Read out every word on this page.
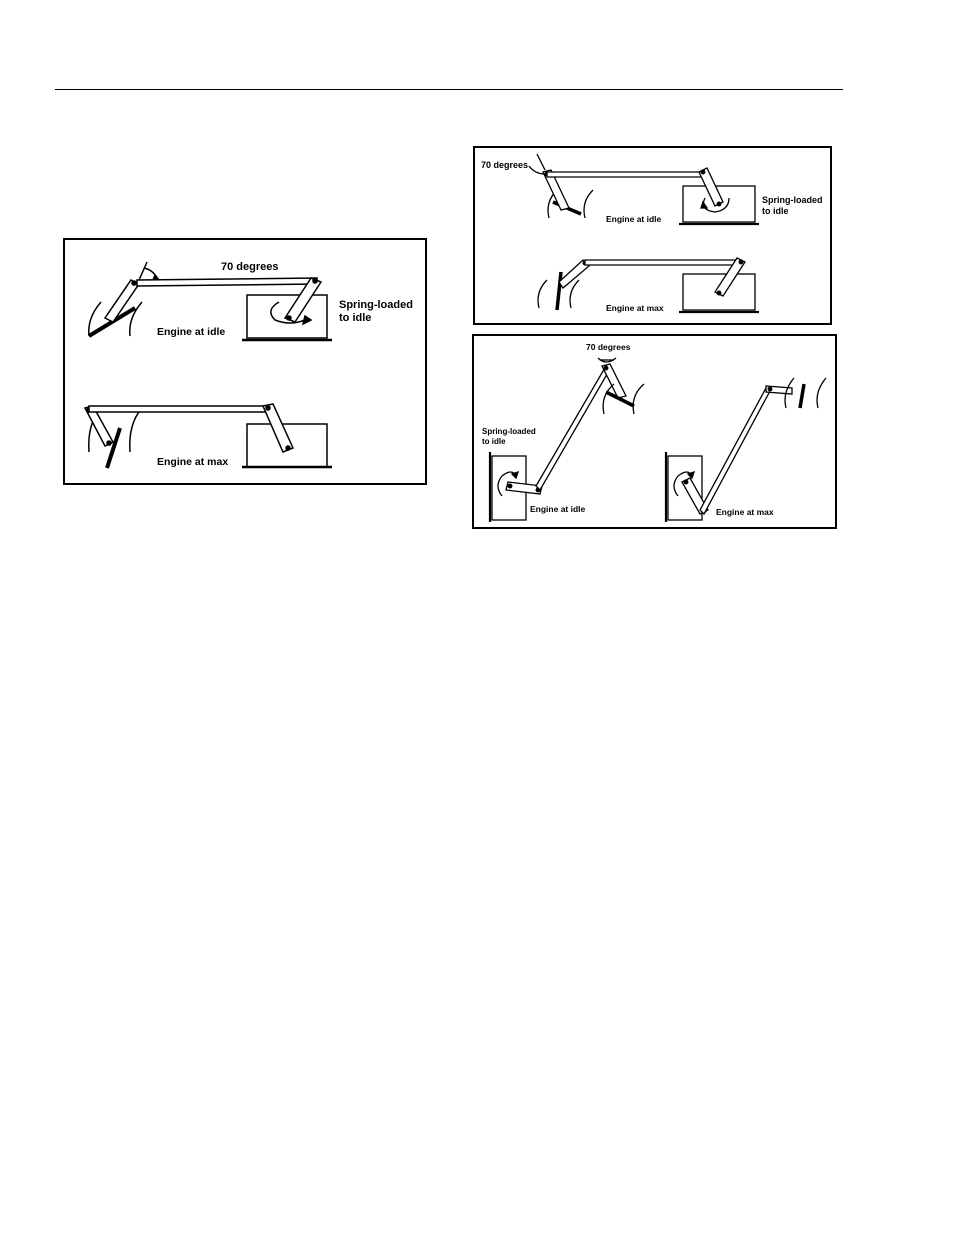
70 degrees
Spring-loaded
to idle
Engine at idle
Engine at max
70 degrees
Spring-loaded
to idle
Engine at idle
Engine at max
70 degrees
Spring-loaded
to idle
Engine at idle	Engine at max
